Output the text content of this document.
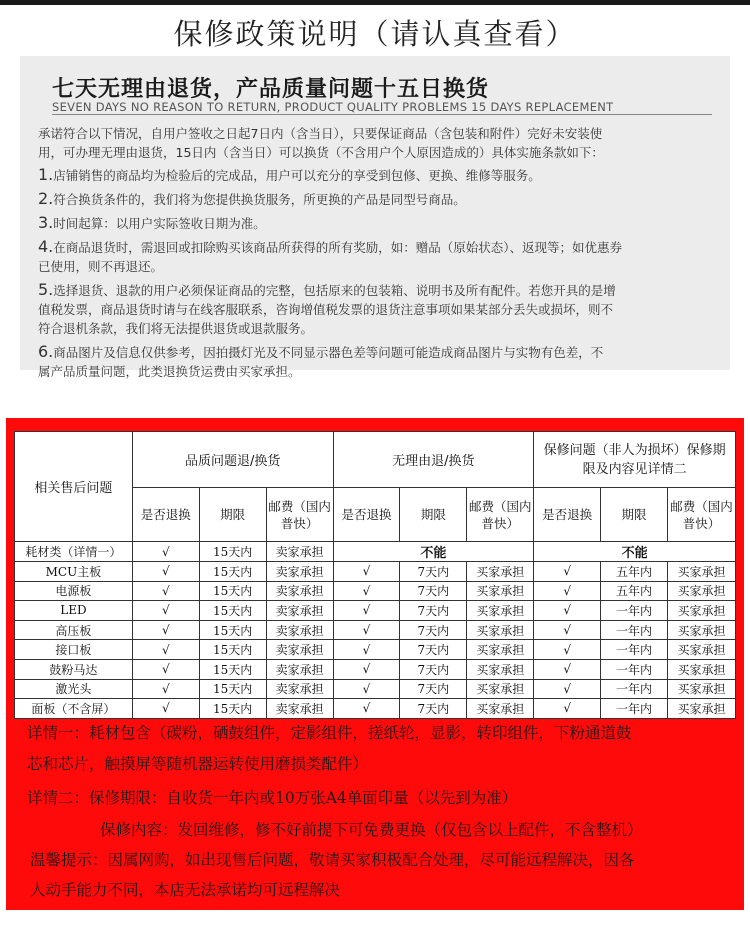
保修政策说明（请认真查看）
七天无理由退货，产品质量问题十五日换货
SEVEN DAYS NO REASON TO RETURN, PRODUCT QUALITY PROBLEMS 15 DAYS REPLACEMENT

承诺符合以下情况，自用户签收之日起7日内（含当日），只要保证商品（含包装和附件）完好未安装使
用，可办理无理由退货，15日内（含当日）可以换货（不含用户个人原因造成的）具体实施条款如下：

1.店铺销售的商品均为检验后的完成品，用户可以充分的享受到包修、更换、维修等服务。
2.符合换货条件的，我们将为您提供换货服务，所更换的产品是同型号商品。
3.时间起算：以用户实际签收日期为准。
4.在商品退货时，需退回或扣除购买该商品所获得的所有奖励，如：赠品（原始状态）、返现等；如优惠券
已使用，则不再退还。
5.选择退货、退款的用户必须保证商品的完整，包括原来的包装箱、说明书及所有配件。若您开具的是增
值税发票，商品退货时请与在线客服联系，咨询增值税发票的退货注意事项如果某部分丢失或损坏，则不
符合退机条款，我们将无法提供退货或退款服务。
6.商品图片及信息仅供参考，因拍摄灯光及不同显示器色差等问题可能造成商品图片与实物有色差，不
属产品质量问题，此类退换货运费由买家承担。
相关售后问题	品质问题退/换货			无理由退/换货			保修问题（非人为损坏）保修期限及内容见详情二		
	是否退换	期限	邮费（国内普快）	是否退换	期限	邮费（国内普快）	是否退换	期限	邮费（国内普快）
耗材类（详情一）	√	15天内	卖家承担	不能			不能		
MCU主板	√	15天内	卖家承担	√	7天内	买家承担	√	五年内	买家承担
电源板	√	15天内	卖家承担	√	7天内	买家承担	√	五年内	买家承担
LED	√	15天内	卖家承担	√	7天内	买家承担	√	一年内	买家承担
高压板	√	15天内	卖家承担	√	7天内	买家承担	√	一年内	买家承担
接口板	√	15天内	卖家承担	√	7天内	买家承担	√	一年内	买家承担
鼓粉马达	√	15天内	卖家承担	√	7天内	买家承担	√	一年内	买家承担
激光头	√	15天内	卖家承担	√	7天内	买家承担	√	一年内	买家承担
面板（不含屏）	√	15天内	卖家承担	√	7天内	买家承担	√	一年内	买家承担
详情一：耗材包含（碳粉，硒鼓组件，定影组件，搓纸轮，显影，转印组件，下粉通道鼓
芯和芯片，触摸屏等随机器运转使用磨损类配件）
详情二：保修期限：自收货一年内或10万张A4单面印量（以先到为准）
保修内容：发回维修，修不好前提下可免费更换（仅包含以上配件，不含整机）
温馨提示：因属网购，如出现售后问题，敬请买家积极配合处理，尽可能远程解决，因各
人动手能力不同，本店无法承诺均可远程解决
